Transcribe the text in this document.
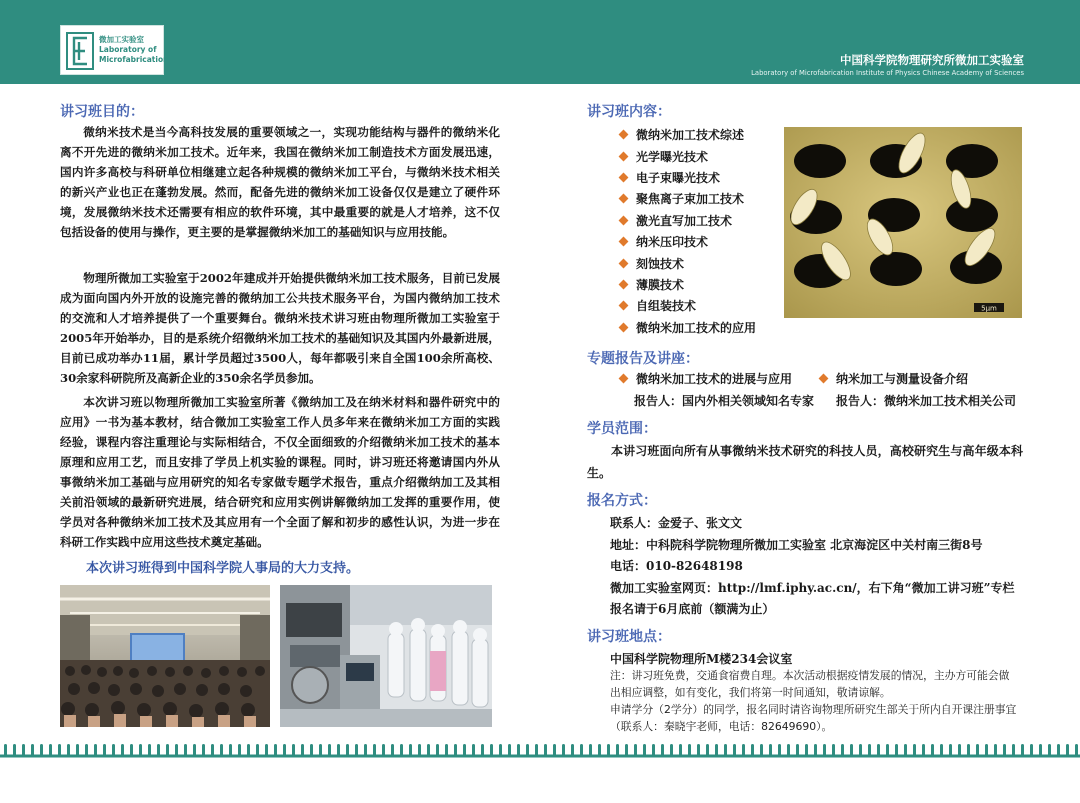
微加工实验室
Laboratory of
Microfabrication	中国科学院物理研究所微加工实验室
Laboratory of Microfabrication Institute of Physics Chinese Academy of Sciences
讲习班目的：
微纳米技术是当今高科技发展的重要领域之一，实现功能结构与器件的微纳米化离不开先进的微纳米加工技术。近年来，我国在微纳米加工制造技术方面发展迅速，国内许多高校与科研单位相继建立起各种规模的微纳米加工平台，与微纳米技术相关的新兴产业也正在蓬勃发展。然而，配备先进的微纳米加工设备仅仅是建立了硬件环境，发展微纳米技术还需要有相应的软件环境，其中最重要的就是人才培养，这不仅包括设备的使用与操作，更主要的是掌握微纳米加工的基础知识与应用技能。
物理所微加工实验室于2002年建成并开始提供微纳米加工技术服务，目前已发展成为面向国内外开放的设施完善的微纳加工公共技术服务平台，为国内微纳加工技术的交流和人才培养提供了一个重要舞台。微纳米技术讲习班由物理所微加工实验室于2005年开始举办，目的是系统介绍微纳米加工技术的基础知识及其国内外最新进展，目前已成功举办11届，累计学员超过3500人，每年都吸引来自全国100余所高校、30余家科研院所及高新企业的350余名学员参加。
本次讲习班以物理所微加工实验室所著《微纳加工及在纳米材料和器件研究中的应用》一书为基本教材，结合微加工实验室工作人员多年来在微纳米加工方面的实践经验，课程内容注重理论与实际相结合，不仅全面细致的介绍微纳米加工技术的基本原理和应用工艺，而且安排了学员上机实验的课程。同时，讲习班还将邀请国内外从事微纳米加工基础与应用研究的知名专家做专题学术报告，重点介绍微纳加工及其相关前沿领域的最新研究进展，结合研究和应用实例讲解微纳加工发挥的重要作用，使学员对各种微纳米加工技术及其应用有一个全面了解和初步的感性认识，为进一步在科研工作实践中应用这些技术奠定基础。
本次讲习班得到中国科学院人事局的大力支持。
讲习班内容：
微纳米加工技术综述
光学曝光技术
电子束曝光技术
聚焦离子束加工技术
激光直写加工技术
纳米压印技术
刻蚀技术
薄膜技术
自组装技术
微纳米加工技术的应用
5μm
专题报告及讲座：
微纳米加工技术的进展与应用	纳米加工与测量设备介绍
报告人：国内外相关领域知名专家 报告人：微纳米加工技术相关公司
学员范围：
本讲习班面向所有从事微纳米技术研究的科技人员，高校研究生与高年级本科生。
报名方式：
联系人：金爱子、张文文
地址：中科院科学院物理所微加工实验室 北京海淀区中关村南三街8号
电话：010-82648198
微加工实验室网页：http://lmf.iphy.ac.cn/，右下角“微加工讲习班”专栏
报名请于6月底前（额满为止）
讲习班地点：
中国科学院物理所M楼234会议室
注：讲习班免费，交通食宿费自理。本次活动根据疫情发展的情况，主办方可能会做
出相应调整，如有变化，我们将第一时间通知，敬请谅解。
申请学分（2学分）的同学，报名同时请咨询物理所研究生部关于所内自开课注册事宜
（联系人：秦晓宇老师，电话：82649690）。
